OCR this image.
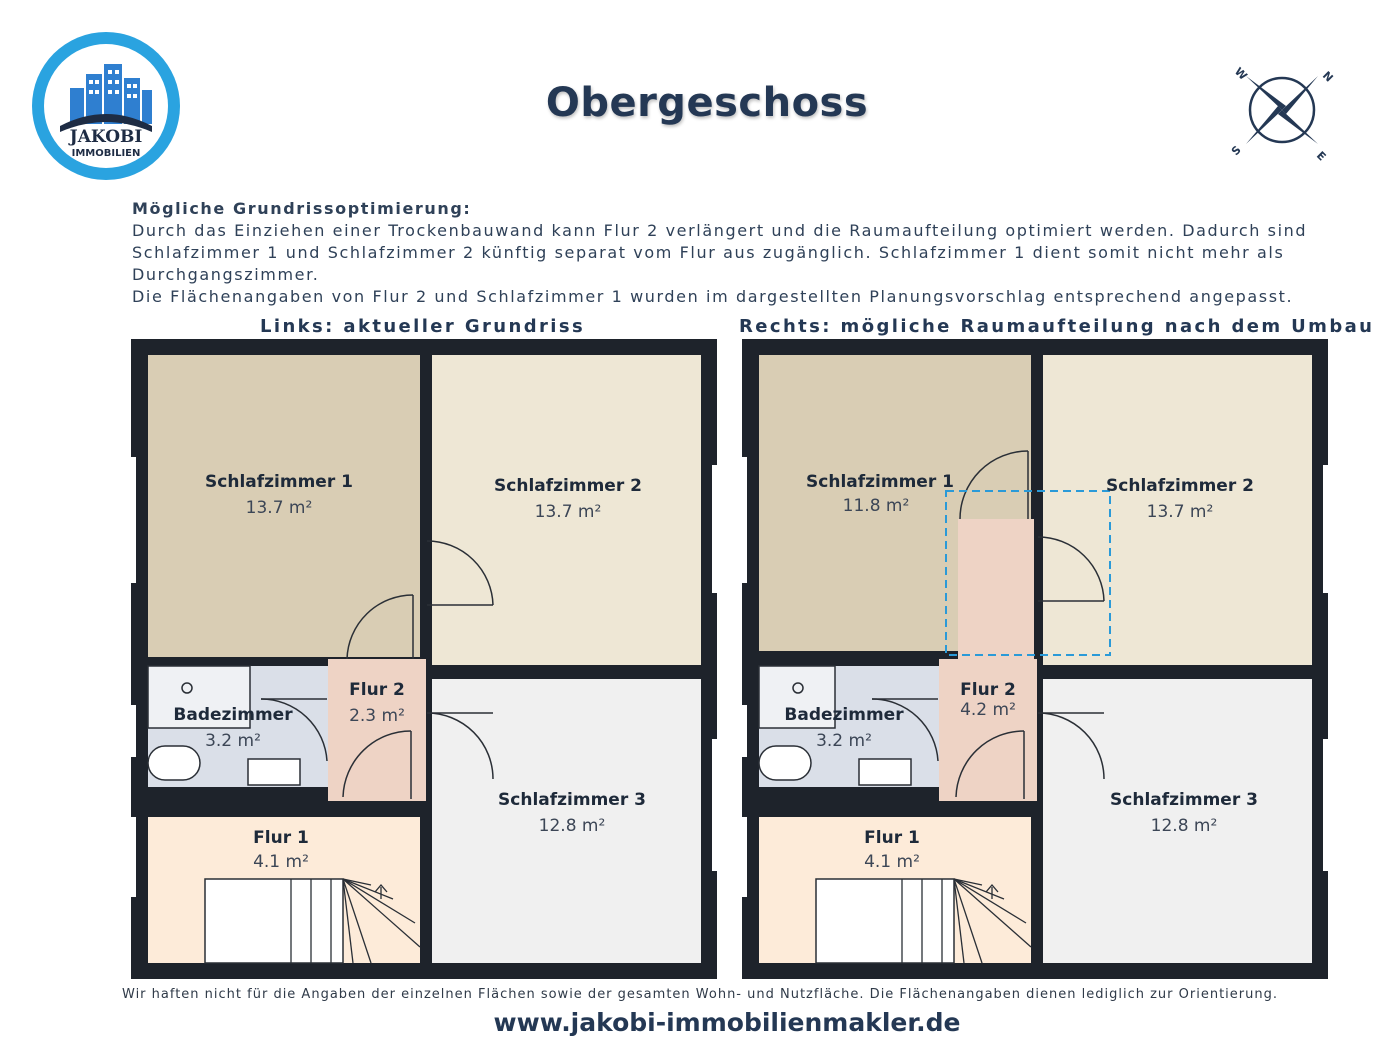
JAKOBI
IMMOBILIEN
Obergeschoss
N
E
S
W
Mögliche Grundrissoptimierung:
Durch das Einziehen einer Trockenbauwand kann Flur 2 verlängert und die Raumaufteilung optimiert werden. Dadurch sind
Schlafzimmer 1 und Schlafzimmer 2 künftig separat vom Flur aus zugänglich. Schlafzimmer 1 dient somit nicht mehr als
Durchgangszimmer.
Die Flächenangaben von Flur 2 und Schlafzimmer 1 wurden im dargestellten Planungsvorschlag entsprechend angepasst.
Links: aktueller Grundriss	Rechts: mögliche Raumaufteilung nach dem Umbau
Schlafzimmer 1
13.7 m²
Schlafzimmer 2
13.7 m²
Badezimmer
3.2 m²
Flur 2
2.3 m²
Schlafzimmer 3
12.8 m²
Flur 1
4.1 m²
Schlafzimmer 1
11.8 m²
Schlafzimmer 2
13.7 m²
Badezimmer
3.2 m²
Flur 2
4.2 m²
Schlafzimmer 3
12.8 m²
Flur 1
4.1 m²
Wir haften nicht für die Angaben der einzelnen Flächen sowie der gesamten Wohn- und Nutzfläche. Die Flächenangaben dienen lediglich zur Orientierung.
www.jakobi-immobilienmakler.de
